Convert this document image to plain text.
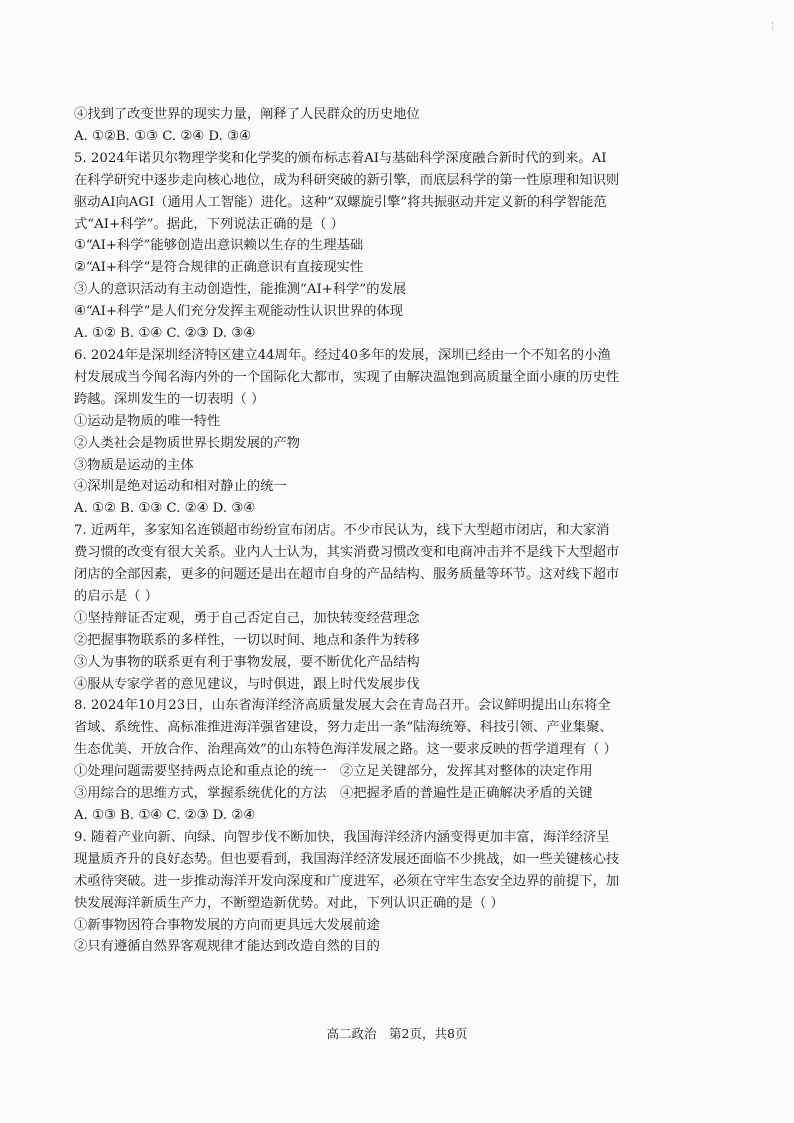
④找到了改变世界的现实力量，阐释了人民群众的历史地位
A. ①②B. ①③ C. ②④ D. ③④
5. 2024年诺贝尔物理学奖和化学奖的颁布标志着AI与基础科学深度融合新时代的到来。AI
在科学研究中逐步走向核心地位，成为科研突破的新引擎，而底层科学的第一性原理和知识则
驱动AI向AGI（通用人工智能）进化。这种“双螺旋引擎”将共振驱动并定义新的科学智能范
式“AI+科学”。据此，下列说法正确的是（ ）
①“AI+科学”能够创造出意识赖以生存的生理基础
②“AI+科学”是符合规律的正确意识有直接现实性
③人的意识活动有主动创造性，能推测“AI+科学”的发展
④“AI+科学”是人们充分发挥主观能动性认识世界的体现
A. ①② B. ①④ C. ②③ D. ③④
6. 2024年是深圳经济特区建立44周年。经过40多年的发展，深圳已经由一个不知名的小渔
村发展成当今闻名海内外的一个国际化大都市，实现了由解决温饱到高质量全面小康的历史性
跨越。深圳发生的一切表明（ ）
①运动是物质的唯一特性
②人类社会是物质世界长期发展的产物
③物质是运动的主体
④深圳是绝对运动和相对静止的统一
A. ①② B. ①③ C. ②④ D. ③④
7. 近两年，多家知名连锁超市纷纷宣布闭店。不少市民认为，线下大型超市闭店，和大家消
费习惯的改变有很大关系。业内人士认为，其实消费习惯改变和电商冲击并不是线下大型超市
闭店的全部因素，更多的问题还是出在超市自身的产品结构、服务质量等环节。这对线下超市
的启示是（ ）
①坚持辩证否定观，勇于自己否定自己，加快转变经营理念
②把握事物联系的多样性，一切以时间、地点和条件为转移
③人为事物的联系更有利于事物发展，要不断优化产品结构
④服从专家学者的意见建议，与时俱进，跟上时代发展步伐
8. 2024年10月23日，山东省海洋经济高质量发展大会在青岛召开。会议鲜明提出山东将全
省域、系统性、高标准推进海洋强省建设，努力走出一条“陆海统筹、科技引领、产业集聚、
生态优美、开放合作、治理高效”的山东特色海洋发展之路。这一要求反映的哲学道理有（ ）
①处理问题需要坚持两点论和重点论的统一　②立足关键部分，发挥其对整体的决定作用
③用综合的思维方式，掌握系统优化的方法　④把握矛盾的普遍性是正确解决矛盾的关键
A. ①③ B. ①④ C. ②③ D. ②④
9. 随着产业向新、向绿、向智步伐不断加快，我国海洋经济内涵变得更加丰富，海洋经济呈
现量质齐升的良好态势。但也要看到，我国海洋经济发展还面临不少挑战，如一些关键核心技
术亟待突破。进一步推动海洋开发向深度和广度进军，必须在守牢生态安全边界的前提下，加
快发展海洋新质生产力，不断塑造新优势。对此，下列认识正确的是（ ）
①新事物因符合事物发展的方向而更具远大发展前途
②只有遵循自然界客观规律才能达到改造自然的目的
高二政治　第2页，共8页
